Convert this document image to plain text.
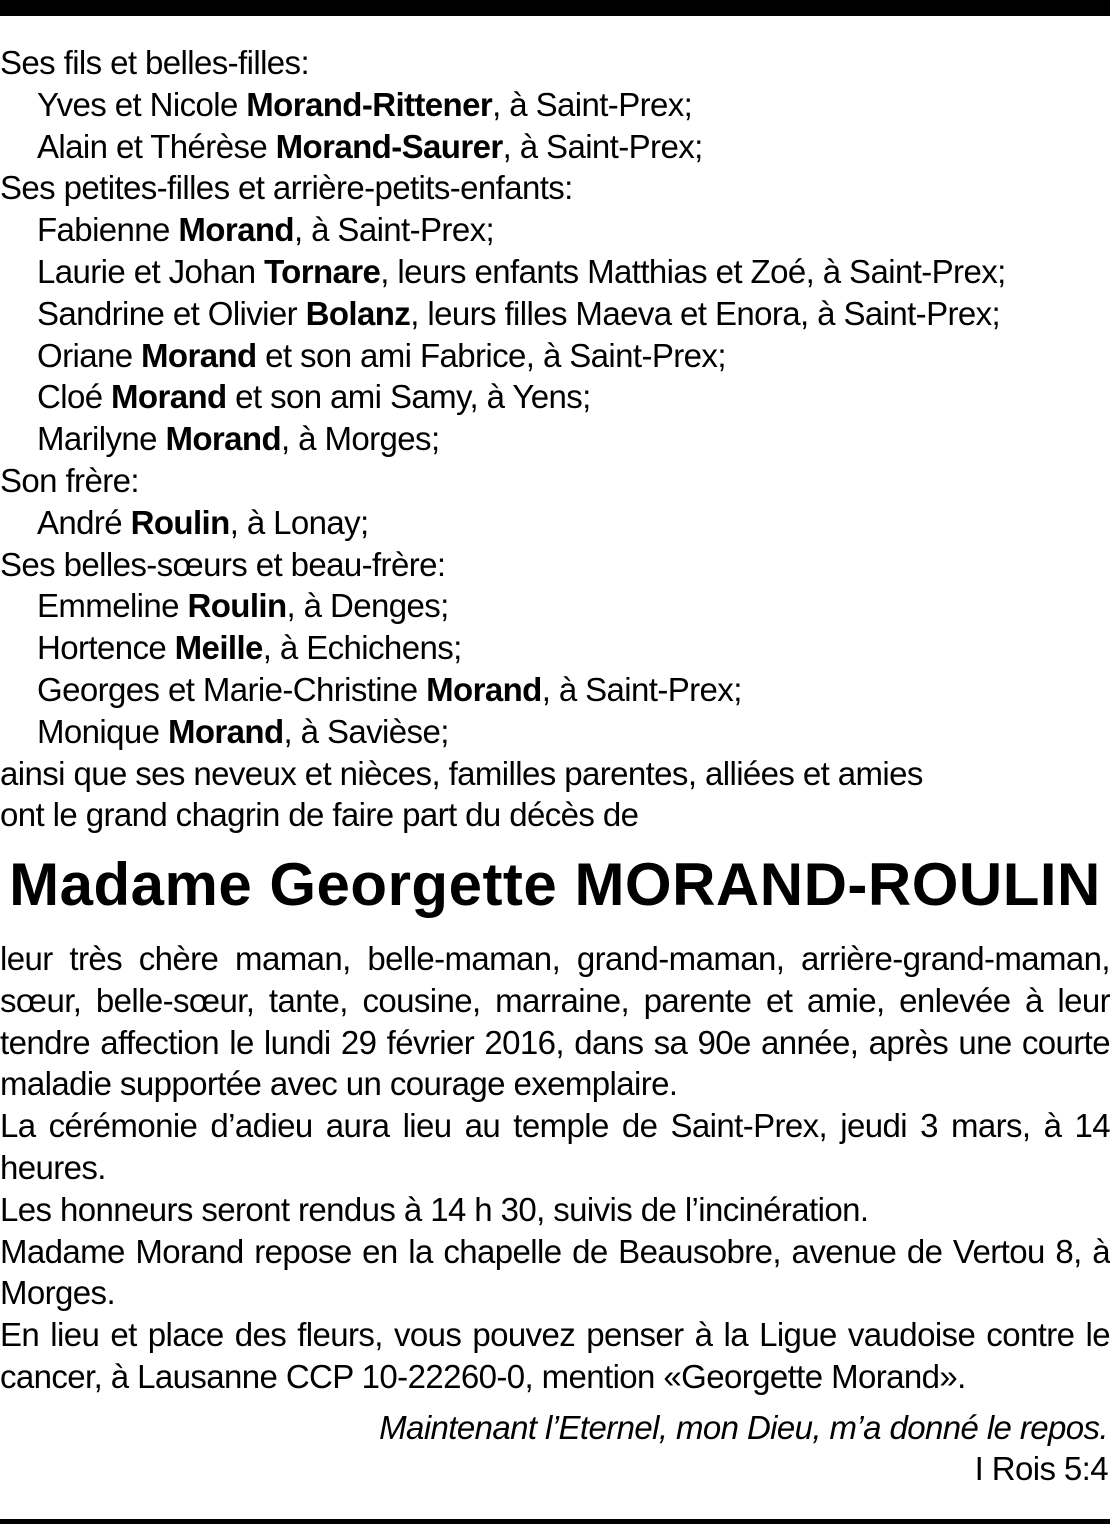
Ses fils et belles-filles:
Yves et Nicole Morand-Rittener, à Saint-Prex;
Alain et Thérèse Morand-Saurer, à Saint-Prex;
Ses petites-filles et arrière-petits-enfants:
Fabienne Morand, à Saint-Prex;
Laurie et Johan Tornare, leurs enfants Matthias et Zoé, à Saint-Prex;
Sandrine et Olivier Bolanz, leurs filles Maeva et Enora, à Saint-Prex;
Oriane Morand et son ami Fabrice, à Saint-Prex;
Cloé Morand et son ami Samy, à Yens;
Marilyne Morand, à Morges;
Son frère:
André Roulin, à Lonay;
Ses belles-sœurs et beau-frère:
Emmeline Roulin, à Denges;
Hortence Meille, à Echichens;
Georges et Marie-Christine Morand, à Saint-Prex;
Monique Morand, à Savièse;
ainsi que ses neveux et nièces, familles parentes, alliées et amies
ont le grand chagrin de faire part du décès de
Madame Georgette MORAND-ROULIN
leur très chère maman, belle-maman, grand-maman, arrière-grand-maman, sœur, belle-sœur, tante, cousine, marraine, parente et amie, enlevée à leur tendre affection le lundi 29 février 2016, dans sa 90e année, après une courte maladie supportée avec un courage exemplaire.
La cérémonie d’adieu aura lieu au temple de Saint-Prex, jeudi 3 mars, à 14 heures.
Les honneurs seront rendus à 14 h 30, suivis de l’incinération.
Madame Morand repose en la chapelle de Beausobre, avenue de Vertou 8, à Morges.
En lieu et place des fleurs, vous pouvez penser à la Ligue vaudoise contre le cancer, à Lausanne CCP 10-22260-0, mention «Georgette Morand».
Maintenant l’Eternel, mon Dieu, m’a donné le repos.
I Rois 5:4
